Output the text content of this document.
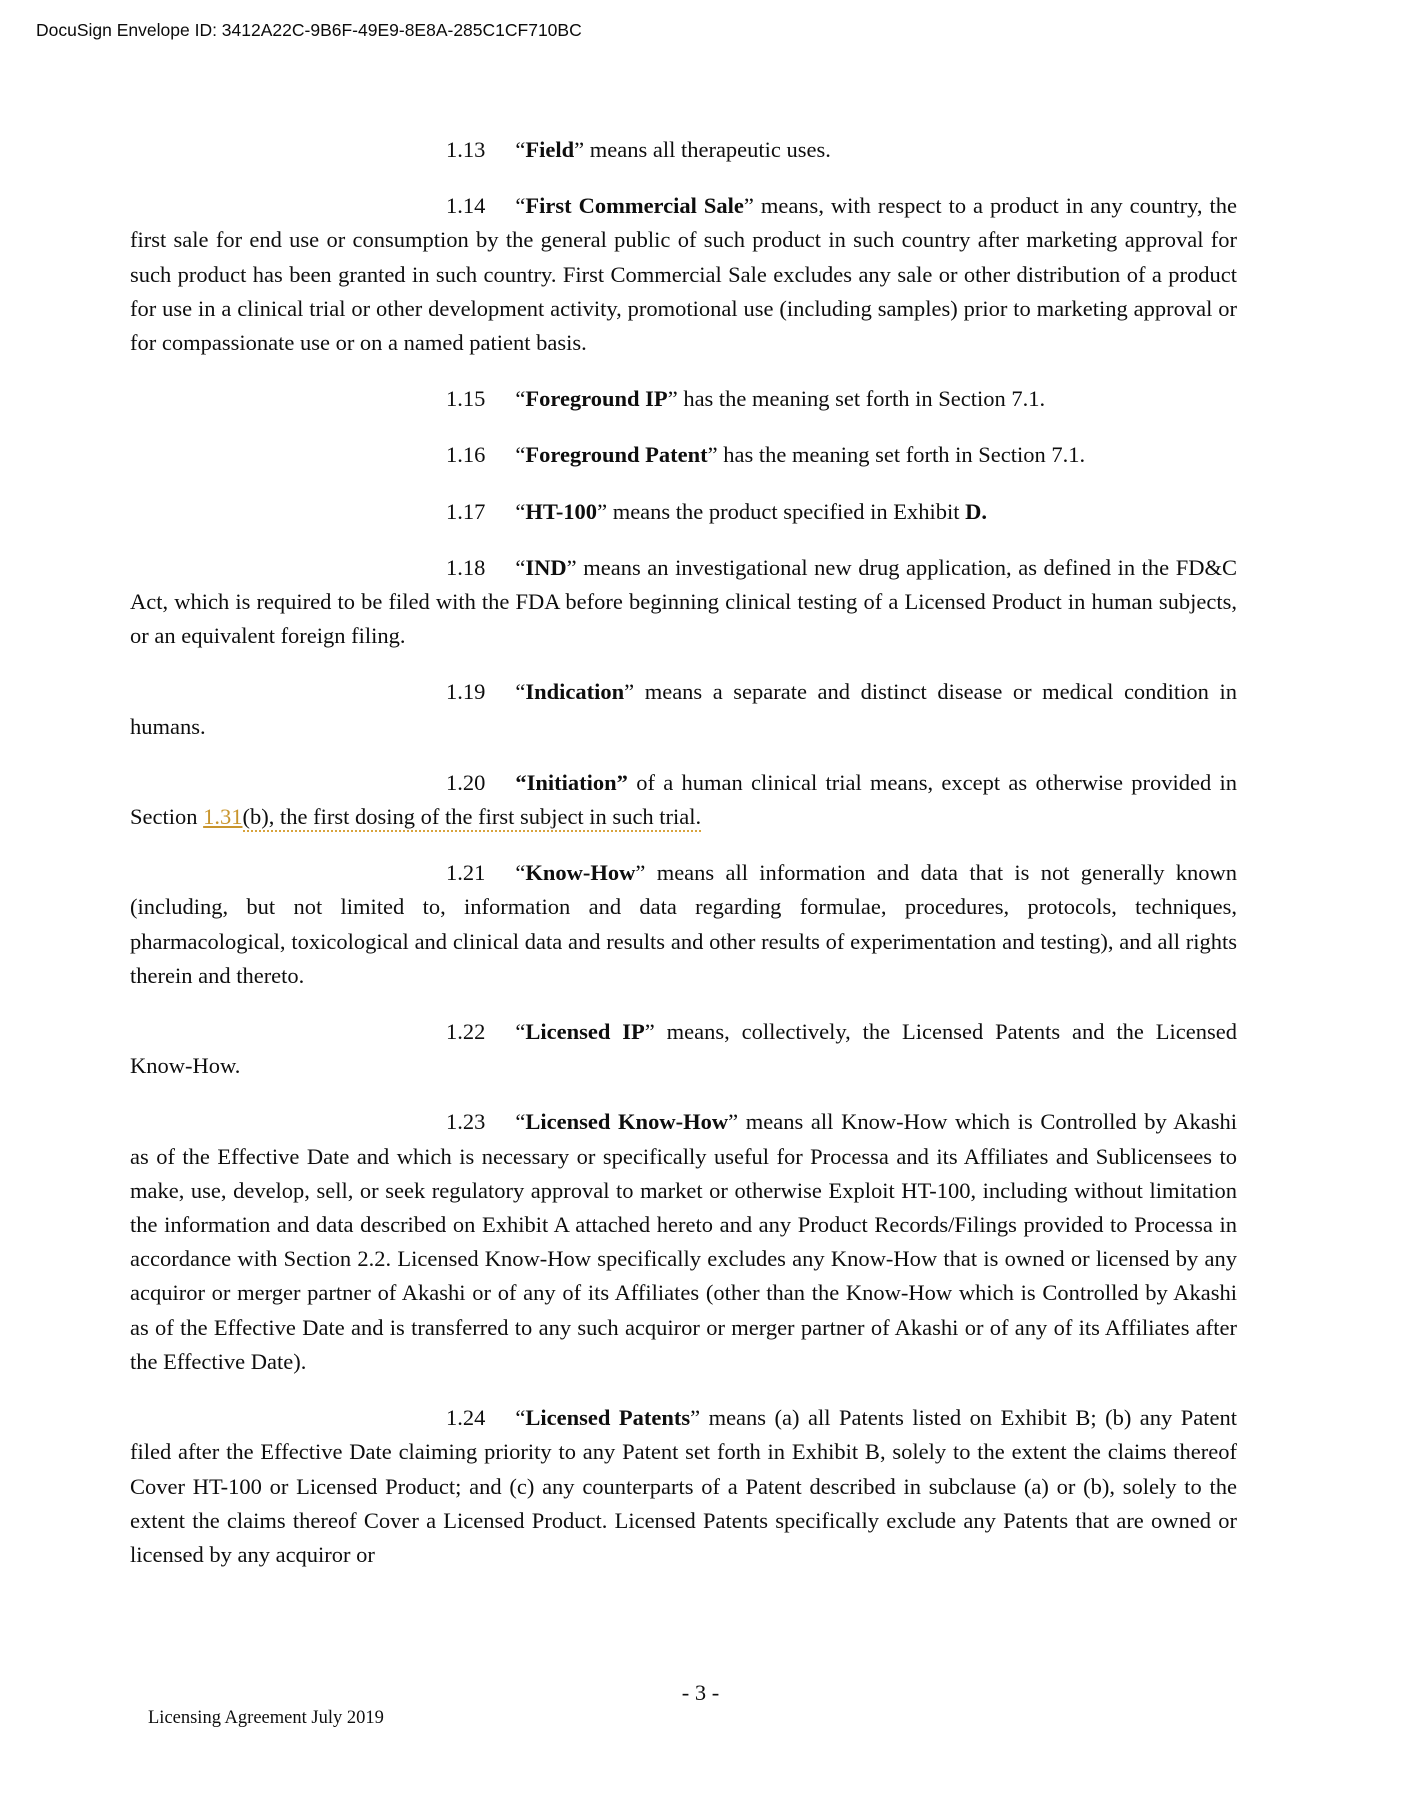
DocuSign Envelope ID: 3412A22C-9B6F-49E9-8E8A-285C1CF710BC

1.13 “Field” means all therapeutic uses.

1.14 “First Commercial Sale” means, with respect to a product in any country, the first sale for end use or consumption by the general public of such product in such country after marketing approval for such product has been granted in such country. First Commercial Sale excludes any sale or other distribution of a product for use in a clinical trial or other development activity, promotional use (including samples) prior to marketing approval or for compassionate use or on a named patient basis.

1.15 “Foreground IP” has the meaning set forth in Section 7.1.

1.16 “Foreground Patent” has the meaning set forth in Section 7.1.

1.17 “HT-100” means the product specified in Exhibit D.

1.18 “IND” means an investigational new drug application, as defined in the FD&C Act, which is required to be filed with the FDA before beginning clinical testing of a Licensed Product in human subjects, or an equivalent foreign filing.

1.19 “Indication” means a separate and distinct disease or medical condition in humans.

1.20 “Initiation” of a human clinical trial means, except as otherwise provided in Section 1.31(b), the first dosing of the first subject in such trial.

1.21 “Know-How” means all information and data that is not generally known (including, but not limited to, information and data regarding formulae, procedures, protocols, techniques, pharmacological, toxicological and clinical data and results and other results of experimentation and testing), and all rights therein and thereto.

1.22 “Licensed IP” means, collectively, the Licensed Patents and the Licensed Know-How.

1.23 “Licensed Know-How” means all Know-How which is Controlled by Akashi as of the Effective Date and which is necessary or specifically useful for Processa and its Affiliates and Sublicensees to make, use, develop, sell, or seek regulatory approval to market or otherwise Exploit HT-100, including without limitation the information and data described on Exhibit A attached hereto and any Product Records/Filings provided to Processa in accordance with Section 2.2. Licensed Know-How specifically excludes any Know-How that is owned or licensed by any acquiror or merger partner of Akashi or of any of its Affiliates (other than the Know-How which is Controlled by Akashi as of the Effective Date and is transferred to any such acquiror or merger partner of Akashi or of any of its Affiliates after the Effective Date).

1.24 “Licensed Patents” means (a) all Patents listed on Exhibit B; (b) any Patent filed after the Effective Date claiming priority to any Patent set forth in Exhibit B, solely to the extent the claims thereof Cover HT-100 or Licensed Product; and (c) any counterparts of a Patent described in subclause (a) or (b), solely to the extent the claims thereof Cover a Licensed Product. Licensed Patents specifically exclude any Patents that are owned or licensed by any acquiror or

- 3 -
Licensing Agreement July 2019
